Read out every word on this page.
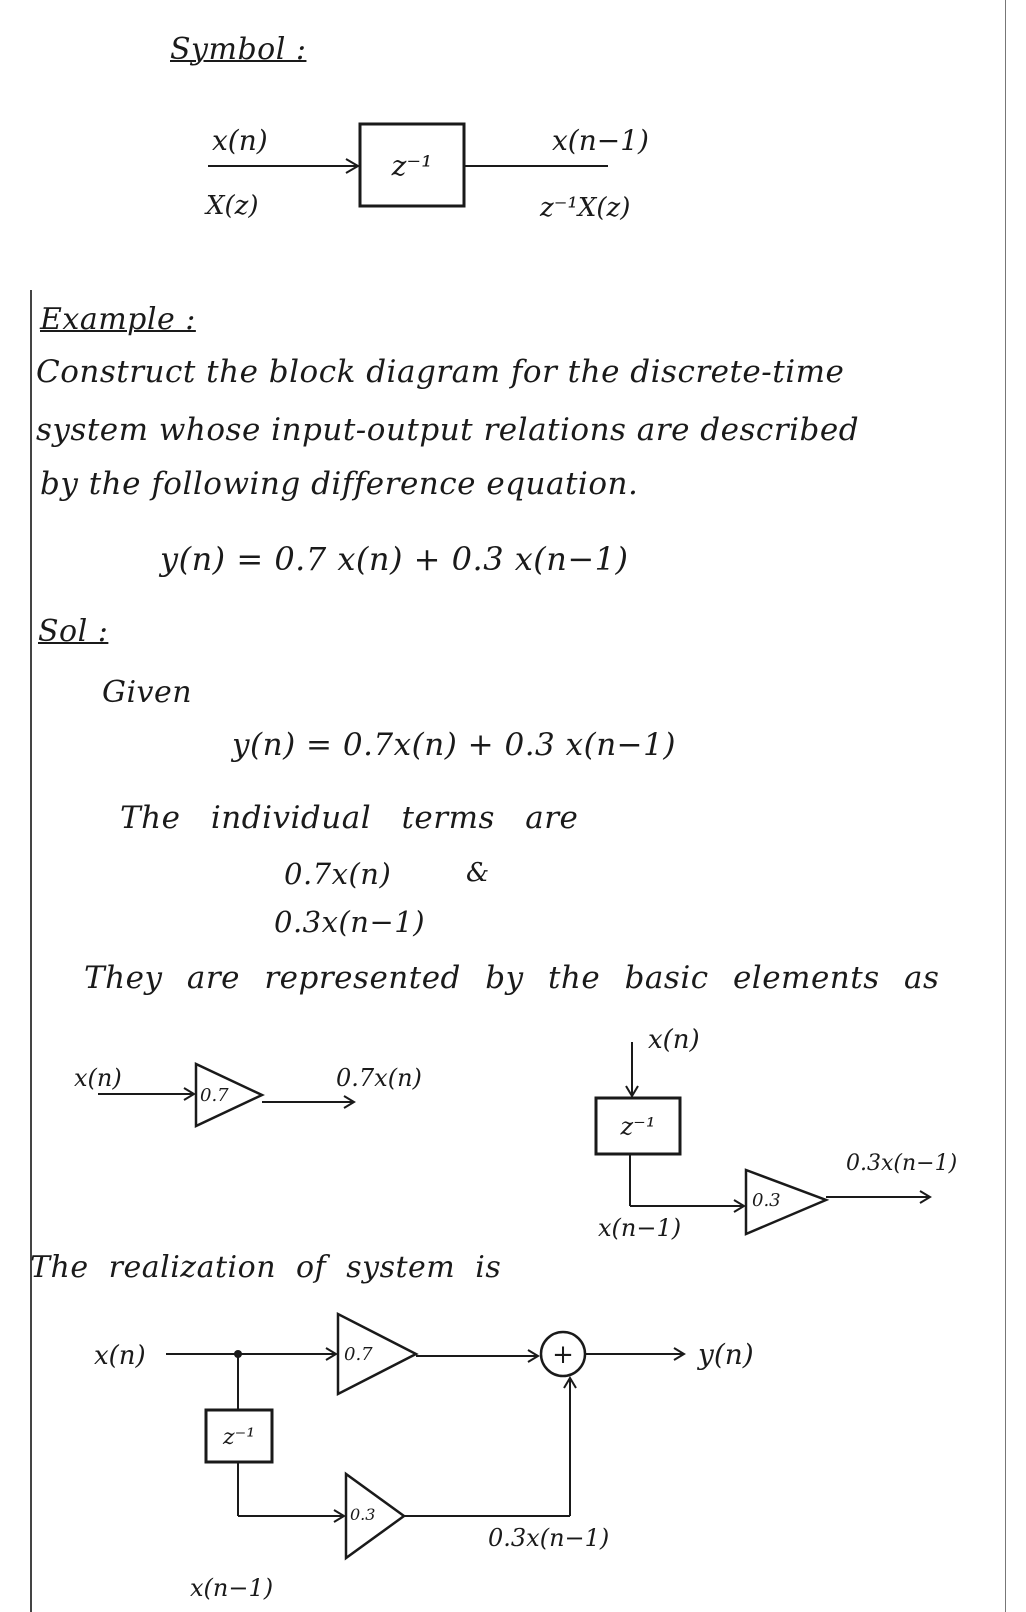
Symbol :
Example :
Construct the block diagram for the discrete-time
system whose input-output relations are described
by the following difference equation.
y(n) = 0.7 x(n) + 0.3 x(n−1)
Sol :
Given
y(n) = 0.7x(n) + 0.3 x(n−1)
The individual terms are
0.7x(n)	&
0.3x(n−1)
They are represented by the basic elements as
The realization of system is
x(n)
X(z)
z⁻¹
x(n−1)
z⁻¹X(z)
x(n)
0.7
0.7x(n)
x(n)
z⁻¹
x(n−1)
0.3
0.3x(n−1)
x(n)	0.7	+	y(n)
z⁻¹
0.3
x(n−1)
0.3x(n−1)
